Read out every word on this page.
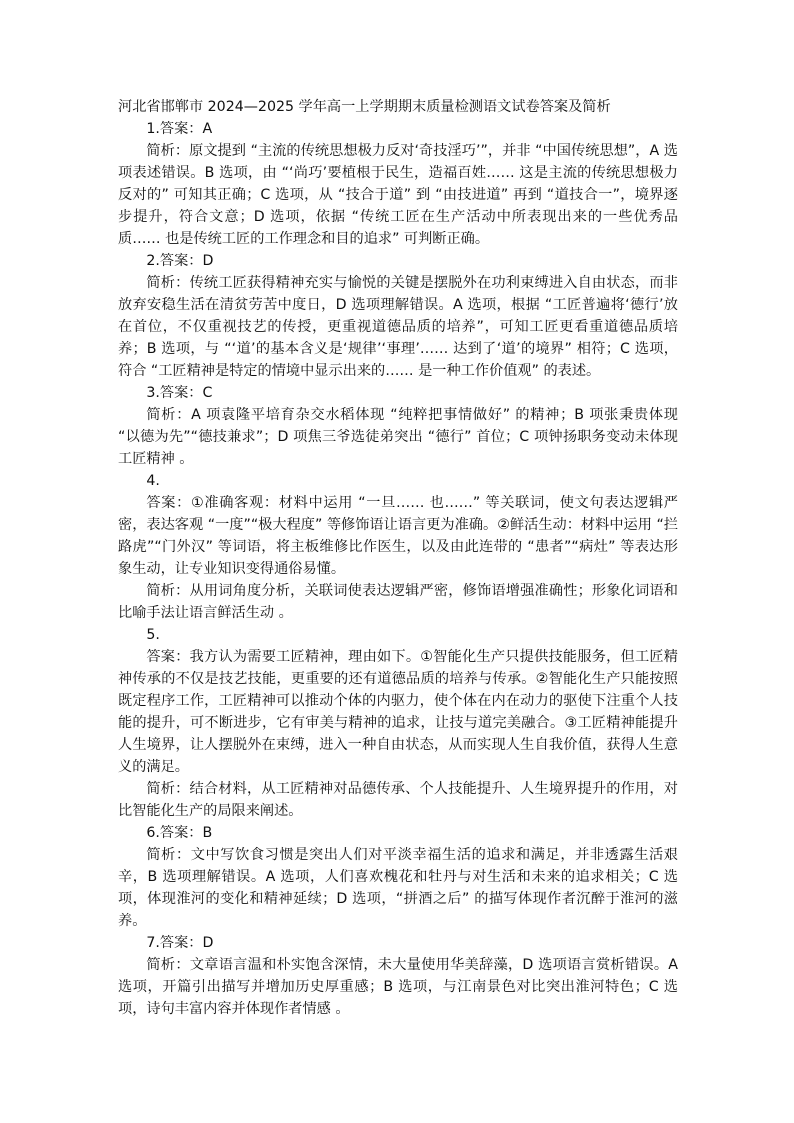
河北省邯郸市 2024—2025 学年高一上学期期末质量检测语文试卷答案及简析

1.答案：A

简析：原文提到 “主流的传统思想极力反对‘奇技淫巧’”，并非 “中国传统思想”，A 选项表述错误。B 选项，由 “‘尚巧’要植根于民生，造福百姓…… 这是主流的传统思想极力反对的” 可知其正确；C 选项，从 “技合于道” 到 “由技进道” 再到 “道技合一”，境界逐步提升，符合文意；D 选项，依据 “传统工匠在生产活动中所表现出来的一些优秀品质…… 也是传统工匠的工作理念和目的追求” 可判断正确。

2.答案：D

简析：传统工匠获得精神充实与愉悦的关键是摆脱外在功利束缚进入自由状态，而非放弃安稳生活在清贫劳苦中度日，D 选项理解错误。A 选项，根据 “工匠普遍将‘德行’放在首位，不仅重视技艺的传授，更重视道德品质的培养”，可知工匠更看重道德品质培养；B 选项，与 “‘道’的基本含义是‘规律’‘事理’…… 达到了‘道’的境界” 相符；C 选项，符合 “工匠精神是特定的情境中显示出来的…… 是一种工作价值观” 的表述。

3.答案：C

简析：A 项袁隆平培育杂交水稻体现 “纯粹把事情做好” 的精神；B 项张秉贵体现 “以德为先”“德技兼求”；D 项焦三爷选徒弟突出 “德行” 首位；C 项钟扬职务变动未体现工匠精神 。

4.

答案：①准确客观：材料中运用 “一旦…… 也……” 等关联词，使文句表达逻辑严密，表达客观 “一度”“极大程度” 等修饰语让语言更为准确。②鲜活生动：材料中运用 “拦路虎”“门外汉” 等词语，将主板维修比作医生，以及由此连带的 “患者”“病灶” 等表达形象生动，让专业知识变得通俗易懂。

简析：从用词角度分析，关联词使表达逻辑严密，修饰语增强准确性；形象化词语和比喻手法让语言鲜活生动 。

5.

答案：我方认为需要工匠精神，理由如下。①智能化生产只提供技能服务，但工匠精神传承的不仅是技艺技能，更重要的还有道德品质的培养与传承。②智能化生产只能按照既定程序工作，工匠精神可以推动个体的内驱力，使个体在内在动力的驱使下注重个人技能的提升，可不断进步，它有审美与精神的追求，让技与道完美融合。③工匠精神能提升人生境界，让人摆脱外在束缚，进入一种自由状态，从而实现人生自我价值，获得人生意义的满足。

简析：结合材料，从工匠精神对品德传承、个人技能提升、人生境界提升的作用，对比智能化生产的局限来阐述。

6.答案：B

简析：文中写饮食习惯是突出人们对平淡幸福生活的追求和满足，并非透露生活艰辛，B 选项理解错误。A 选项，人们喜欢槐花和牡丹与对生活和未来的追求相关；C 选项，体现淮河的变化和精神延续；D 选项，“拼酒之后” 的描写体现作者沉醉于淮河的滋养。

7.答案：D

简析：文章语言温和朴实饱含深情，未大量使用华美辞藻，D 选项语言赏析错误。A 选项，开篇引出描写并增加历史厚重感；B 选项，与江南景色对比突出淮河特色；C 选项，诗句丰富内容并体现作者情感 。
